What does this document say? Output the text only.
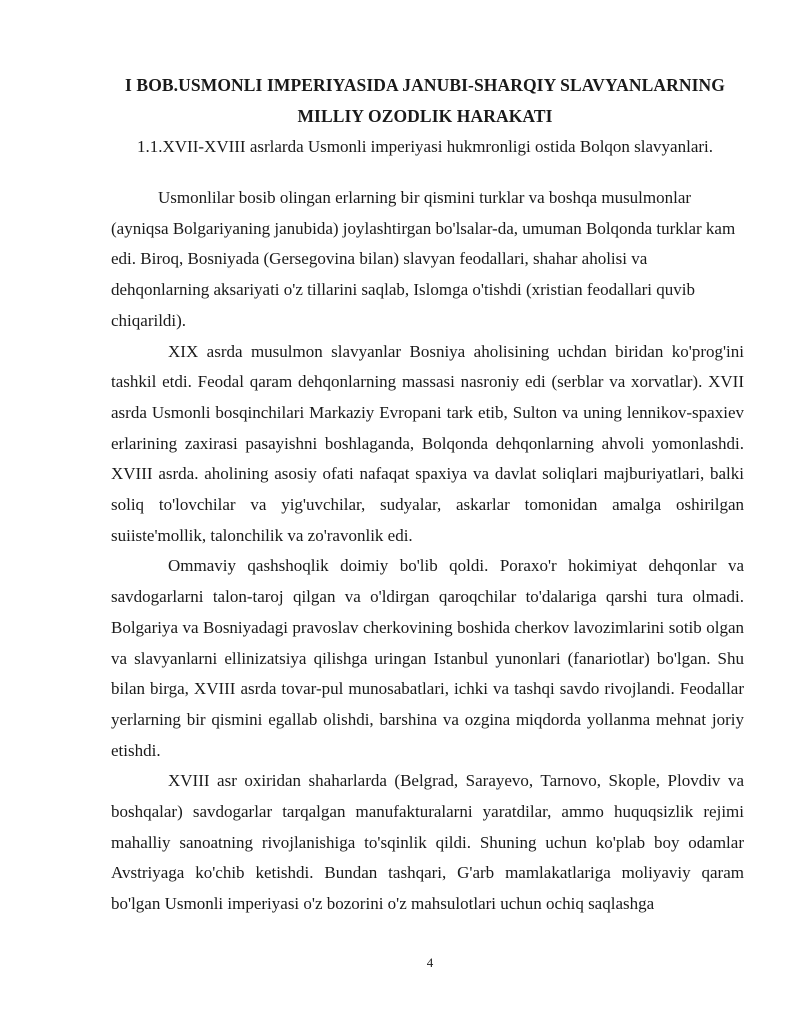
I BOB.USMONLI IMPERIYASIDA JANUBI-SHARQIY SLAVYANLARNING
MILLIY OZODLIK HARAKATI
1.1.XVII-XVIII asrlarda Usmonli imperiyasi hukmronligi ostida Bolqon slavyanlari.

Usmonlilar bosib olingan erlarning bir qismini turklar va boshqa musulmonlar (ayniqsa Bolgariyaning janubida) joylashtirgan bo'lsalar-da, umuman Bolqonda turklar kam edi. Biroq, Bosniyada (Gersegovina bilan) slavyan feodallari, shahar aholisi va dehqonlarning aksariyati o'z tillarini saqlab, Islomga o'tishdi (xristian feodallari quvib chiqarildi).

XIX asrda musulmon slavyanlar Bosniya aholisining uchdan biridan ko'prog'ini tashkil etdi. Feodal qaram dehqonlarning massasi nasroniy edi (serblar va xorvatlar). XVII asrda Usmonli bosqinchilari Markaziy Evropani tark etib, Sulton va uning lennikov-spaxiev erlarining zaxirasi pasayishni boshlaganda, Bolqonda dehqonlarning ahvoli yomonlashdi. XVIII asrda. aholining asosiy ofati nafaqat spaxiya va davlat soliqlari majburiyatlari, balki soliq to'lovchilar va yig'uvchilar, sudyalar, askarlar tomonidan amalga oshirilgan suiiste'mollik, talonchilik va zo'ravonlik edi.

Ommaviy qashshoqlik doimiy bo'lib qoldi. Poraxo'r hokimiyat dehqonlar va savdogarlarni talon-taroj qilgan va o'ldirgan qaroqchilar to'dalariga qarshi tura olmadi. Bolgariya va Bosniyadagi pravoslav cherkovining boshida cherkov lavozimlarini sotib olgan va slavyanlarni ellinizatsiya qilishga uringan Istanbul yunonlari (fanariotlar) bo'lgan. Shu bilan birga, XVIII asrda tovar-pul munosabatlari, ichki va tashqi savdo rivojlandi. Feodallar yerlarning bir qismini egallab olishdi, barshina va ozgina miqdorda yollanma mehnat joriy etishdi.

XVIII asr oxiridan shaharlarda (Belgrad, Sarayevo, Tarnovo, Skople, Plovdiv va boshqalar) savdogarlar tarqalgan manufakturalarni yaratdilar, ammo huquqsizlik rejimi mahalliy sanoatning rivojlanishiga to'sqinlik qildi. Shuning uchun ko'plab boy odamlar Avstriyaga ko'chib ketishdi. Bundan tashqari, G'arb mamlakatlariga moliyaviy qaram bo'lgan Usmonli imperiyasi o'z bozorini o'z mahsulotlari uchun ochiq saqlashga

4
